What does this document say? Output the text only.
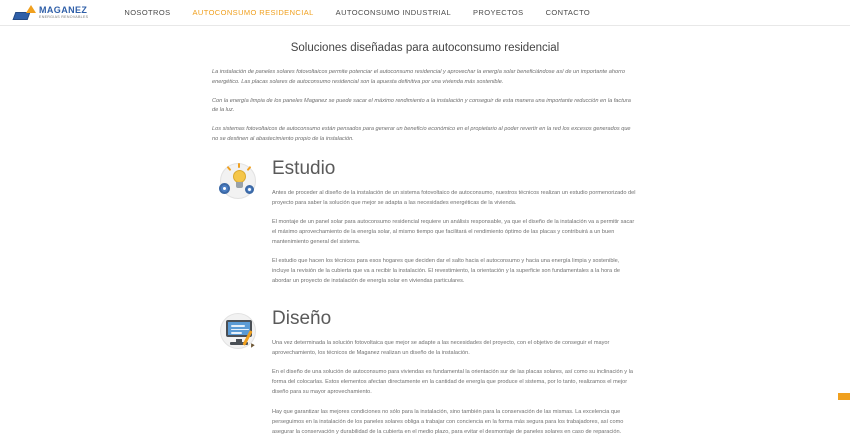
MAGANEZ
ENERGIAS RENOVABLES	NOSOTROS	AUTOCONSUMO RESIDENCIAL	AUTOCONSUMO INDUSTRIAL	PROYECTOS	CONTACTO
Soluciones diseñadas para autoconsumo residencial

La instalación de paneles solares fotovoltaicos permite potenciar el autoconsumo residencial y aprovechar la energía solar beneficiándose así de un importante ahorro energético. Las placas solares de autoconsumo residencial son la apuesta definitiva por una vivienda más sostenible.

Con la energía limpia de los paneles Maganez se puede sacar el máximo rendimiento a la instalación y conseguir de esta manera una importante reducción en la factura de la luz.

Los sistemas fotovoltaicos de autoconsumo están pensados para generar un beneficio económico en el propietario al poder revertir en la red los excesos generados que no se destinen al abastecimiento propio de la instalación.

Estudio

Antes de proceder al diseño de la instalación de un sistema fotovoltaico de autoconsumo, nuestros técnicos realizan un estudio pormenorizado del proyecto para saber la solución que mejor se adapta a las necesidades energéticas de la vivienda.

El montaje de un panel solar para autoconsumo residencial requiere un análisis responsable, ya que el diseño de la instalación va a permitir sacar el máximo aprovechamiento de la energía solar, al mismo tiempo que facilitará el rendimiento óptimo de las placas y contribuirá a un buen mantenimiento general del sistema.

El estudio que hacen los técnicos para esos hogares que deciden dar el salto hacia el autoconsumo y hacia una energía limpia y sostenible, incluye la revisión de la cubierta que va a recibir la instalación. El revestimiento, la orientación y la superficie son fundamentales a la hora de abordar un proyecto de instalación de energía solar en viviendas particulares.

Diseño

Una vez determinada la solución fotovoltaica que mejor se adapte a las necesidades del proyecto, con el objetivo de conseguir el mayor aprovechamiento, los técnicos de Maganez realizan un diseño de la instalación.

En el diseño de una solución de autoconsumo para viviendas es fundamental la orientación sur de las placas solares, así como su inclinación y la forma del colocarlas. Estos elementos afectan directamente en la cantidad de energía que produce el sistema, por lo tanto, realizamos el mejor diseño para su mayor aprovechamiento.

Hay que garantizar las mejores condiciones no sólo para la instalación, sino también para la conservación de las mismas. La excelencia que perseguimos en la instalación de los paneles solares obliga a trabajar con conciencia en la forma más segura para los trabajadores, así como asegurar la conservación y durabilidad de la cubierta en el medio plazo, para evitar el desmontaje de paneles solares en caso de reparación.
